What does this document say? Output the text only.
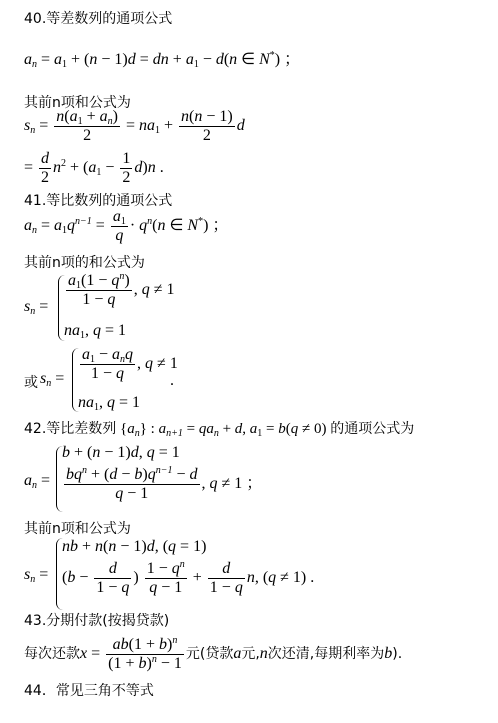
40.等差数列的通项公式
$a_n = a_1 + (n - 1)d$ = dn + $a_1 - d(n$ ∈ N*) ；
其前n项和公式为
$s_n = \frac{n(a_1 + a_n)}{2} = na_1 + \frac{n(n - 1)}{2}$ d
= $\frac{d}{2} n^2 + (a_1 - \frac{1}{2} d)n$ .
41.等比数列的通项公式
$a_n = a_1q^{n-1} = \frac{a_1}{q} \cdot q^n(n$ ∈ N*) ；
其前n项的和公式为
$s_n = \frac{a_1(1 - q^n)}{1 - q}$ , q ≠ 1
$na_1$, q = 1
或 $s_n = \frac{a_1 - a_nq}{1 - q}$ , q ≠ 1
.
$na_1$, q = 1
42.等比差数列 $\{a_n\}$ : $a_{n+1} = qa_n + d$, $a_1 = b(q \ne 0)$ 的通项公式为
$a_n$ =
b + (n − 1)d, q = 1
$\frac{bq^n + (d - b)q^{n-1} - d}{q - 1}$ , q ≠ 1 ；
其前n项和公式为
$s_n$ =
nb + n(n − 1)d, (q = 1)
($b - \frac{d}{1 - q}$ ) $\frac{1 - q^n}{q - 1} + \frac{d}{1 - q} n$, (q ≠ 1) .
43.分期付款(按揭贷款)
每次还款$x = \frac{ab(1 + b)^n}{(1 + b)^n - 1}$ 元(贷款a元,n次还清,每期利率为b).
44．常见三角不等式
